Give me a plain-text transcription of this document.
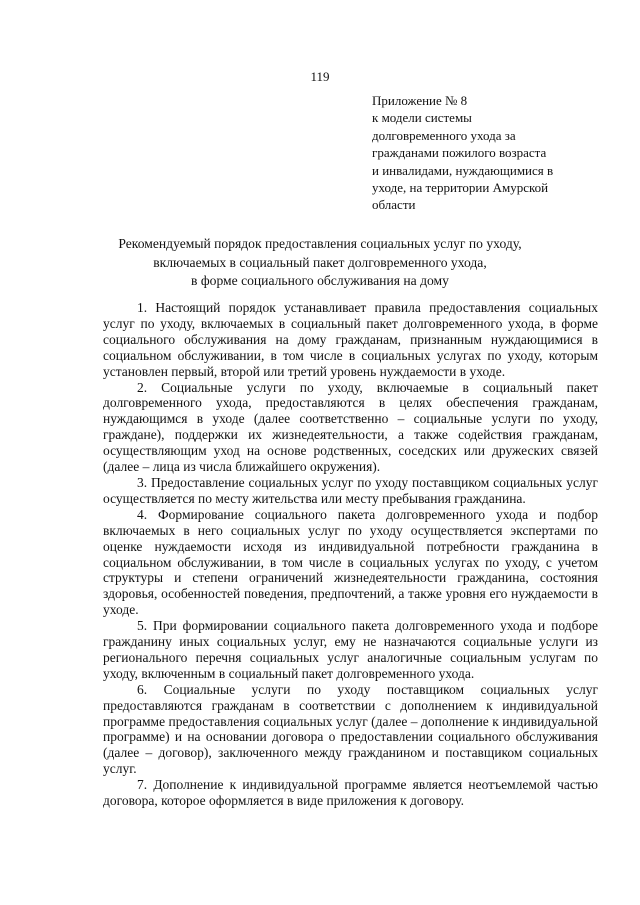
119
Приложение № 8
к модели системы
долговременного ухода за
гражданами пожилого возраста
и инвалидами, нуждающимися в
уходе, на территории Амурской
области
Рекомендуемый порядок предоставления социальных услуг по уходу,
включаемых в социальный пакет долговременного ухода,
в форме социального обслуживания на дому

1. Настоящий порядок устанавливает правила предоставления социальных услуг по уходу, включаемых в социальный пакет долговременного ухода, в форме социального обслуживания на дому гражданам, признанным нуждающимися в социальном обслуживании, в том числе в социальных услугах по уходу, которым установлен первый, второй или третий уровень нуждаемости в уходе.

2. Социальные услуги по уходу, включаемые в социальный пакет долговременного ухода, предоставляются в целях обеспечения гражданам, нуждающимся в уходе (далее соответственно – социальные услуги по уходу, граждане), поддержки их жизнедеятельности, а также содействия гражданам, осуществляющим уход на основе родственных, соседских или дружеских связей (далее – лица из числа ближайшего окружения).

3. Предоставление социальных услуг по уходу поставщиком социальных услуг осуществляется по месту жительства или месту пребывания гражданина.

4. Формирование социального пакета долговременного ухода и подбор включаемых в него социальных услуг по уходу осуществляется экспертами по оценке нуждаемости исходя из индивидуальной потребности гражданина в социальном обслуживании, в том числе в социальных услугах по уходу, с учетом структуры и степени ограничений жизнедеятельности гражданина, состояния здоровья, особенностей поведения, предпочтений, а также уровня его нуждаемости в уходе.

5. При формировании социального пакета долговременного ухода и подборе гражданину иных социальных услуг, ему не назначаются социальные услуги из регионального перечня социальных услуг аналогичные социальным услугам по уходу, включенным в социальный пакет долговременного ухода.

6. Социальные услуги по уходу поставщиком социальных услуг предоставляются гражданам в соответствии с дополнением к индивидуальной программе предоставления социальных услуг (далее – дополнение к индивидуальной программе) и на основании договора о предоставлении социального обслуживания (далее – договор), заключенного между гражданином и поставщиком социальных услуг.

7. Дополнение к индивидуальной программе является неотъемлемой частью договора, которое оформляется в виде приложения к договору.
